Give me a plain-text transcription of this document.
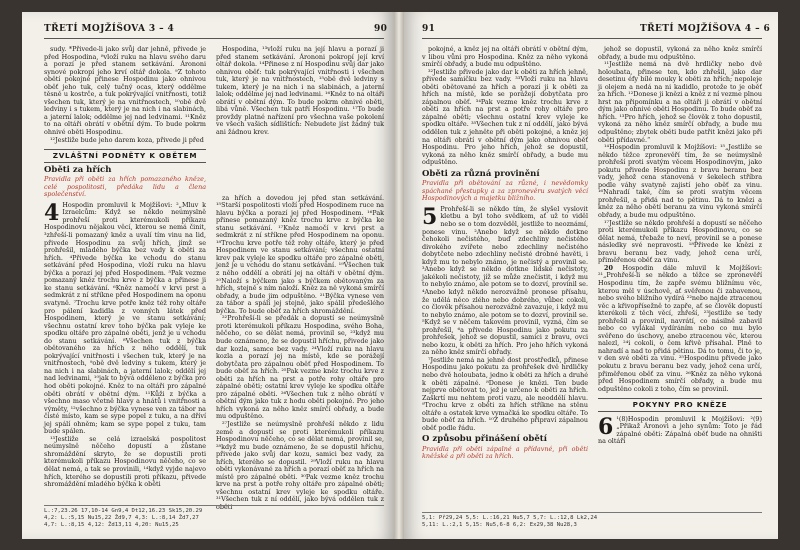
TŘETÍ MOJŽÍŠOVA 3 – 4	90

sudy. *Přivede-li jako svůj dar jehně, přivede je před Hospodina, ⁸vloží ruku na hlavu svého daru a porazí je před stanem setkávání. Árononi synové pokropí jeho krví oltář dokola. ⁹Z tohoto obětí pokojné přinese Hospodinu jako ohnivou oběť jeho tuk, celý tučný ocas, který oddělme těsně u kostrče, a tuk pokrývající vnitřnosti, totiž všechen tuk, který je na vnitřnostech, ¹⁰obě dvě ledviny i s tukem, který je na nich i na slabinách, a jaterní lalok; oddělme jej nad ledvinami. ¹¹Kněz to na oltáři obrátí v obětní dým. To bude pokrm ohnivé oběti Hospodinu.

¹²Jestliže bude jeho darem koza, přivede ji před

ZVLÁŠTNÍ PODNĚTY K OBĚTEM
Oběti za hřích
Pravidla při oběti za hřích pomazaného kněze, celé pospolitosti, předáka lidu a člena společenství.
4 Hospodin promluvil k Mojžíšovi: ²„Mluv k Izraelcům: Když se někdo neúmyslně prohřeší proti kterémukoli příkazu Hospodinovu nějakou věcí, kterou se nemá činit, ³zhřeší-li pomazaný kněz a uvalí tím vinu na lid, přivede Hospodinu za svůj hřích, jímž se prohřešil, mladého býčka bez vady k oběti za hřích. ⁴Přivede býčka ke vchodu do stanu setkávání před Hospodina, vloží ruku na hlavu býčka a porazí jej před Hospodinem. ⁵Pak vezme pomazaný kněz trochu krve z býčka a přinese ji ke stanu setkávání. ⁶Kněz namočí v krvi prst a sedmkrát z ní stříkne před Hospodinem na oponu svatyně. ⁷Trochu krve potře kněz též rohy oltáře pro pálení kadidla z vonných látek před Hospodinem, který je ve stanu setkávání; všechnu ostatní krev toho býčka pak vyleje ke spodku oltáře pro zápalné oběti, jenž je u vchodu do stanu setkávání. ⁸Všechen tuk z býčka obětovaného za hřích z něho oddělí, tuk pokrývající vnitřnosti i všechen tuk, který je na vnitřnostech, ⁹obě dvě ledviny s tukem, který je na nich i na slabinách, a jaterní lalok; oddělí jej nad ledvinami, ¹⁰jak to bývá odděleno z býčka pro hod oběti pokojné. Kněz to na oltáři pro zápalné oběti obrátí v obětní dým. ¹¹Kůži z býčka a všechno maso včetně hlavy a hnátů i vnitřnosti a výměty, ¹²všechno z býčka vynese ven za tábor na čisté místo, kam se sype popel z tuku, a na dříví jej spálí ohněm; kam se sype popel z tuku, tam bude spálen.

¹³Jestliže se celá izraelská pospolitost neúmyslně něčeho dopustí a zůstane shromáždění skryto, že se dopustili proti kterémukoli příkazu Hospodinovu něčeho, co se dělat nemá, a tak se provinili, ¹⁴když vyjde najevo hřích, kterého se dopustili proti příkazu, přivede shromáždění mladého býčka k oběti

Hospodina, ¹³vloží ruku na její hlavu a porazí ji před stanem setkávání. Árononi pokropí její krví oltář dokola. ¹⁴Přinese z ní Hospodinu svůj dar jako ohnivou oběť: tuk pokrývající vnitřnosti i všechen tuk, který je na vnitřnostech, ¹⁵obě dvě ledviny s tukem, který je na nich i na slabinách, a jaterní lalok; oddělme jej nad ledvinami. ¹⁶Kněz to na oltáři obrátí v obětní dým. To bude pokrm ohnivé oběti, libá vůně. Všechen tuk patří Hospodinu. ¹⁷To bude provždy platné nařízení pro všechna vaše pokolení ve všech vašich sídlištích: Nebudete jíst žádný tuk ani žádnou krev.

za hřích a dovedou jej před stan setkávání. ¹⁵Starší pospolitosti vloží před Hospodinem ruce na hlavu býčka a porazí jej před Hospodinem. ¹⁶Pak přinese pomazaný kněz trochu krve z býčka ke stanu setkávání. ¹⁷Kněz namočí v krvi prst a sedmkrát z ní stříkne před Hospodinem na oponu. ¹⁸Trochu krve potře též rohy oltáře, který je před Hospodinem ve stanu setkávání; všechnu ostatní krev pak vyleje ke spodku oltáře pro zápalné oběti, jenž je u vchodu do stanu setkávání. ¹⁹Všechen tuk z něho oddělí a obrátí jej na oltáři v obětní dým. ²⁰Naloží s býčkem jako s býčkem obětovaným za hřích, stejně s ním naloží. Kněz za ně vykoná smírčí obřady, a bude jim odpuštěno. ²¹Býčka vynese ven za tábor a spálí jej stejně, jako spálil předešlého býčka. To bude oběť za hřích shromáždění.

²²Prohřeší-li se předák a dopustí se neúmyslně proti kterémukoli příkazu Hospodina, svého Boha, něčeho, co se dělat nemá, provinil se, ²³když mu bude oznámeno, že se dopustil hříchu, přivede jako dar kozla, samce bez vady. ²⁴Vloží ruku na hlavu kozla a porazí jej na místě, kde se porážejí dobytčata pro zápalnou oběť před Hospodinem. To bude oběť za hřích. ²⁵Pak vezme kněz trochu krve z oběti za hřích na prst a potře rohy oltáře pro zápalné oběti; ostatní krev vyleje ke spodku oltáře pro zápalné oběti. ²⁶Všechen tuk z něho obrátí v obětní dým jako tuk z hodu oběti pokojné. Pro jeho hřích vykoná za něho kněz smírčí obřady, a bude mu odpuštěno.

²⁷Jestliže se neúmyslně prohřeší někdo z lidu země a dopustí se proti kterémukoli příkazu Hospodinovu něčeho, co se dělat nemá, provinil se, ²⁸když mu bude oznámeno, že se dopustil hříchu, přivede jako svůj dar kozu, samici bez vady, za hřích, kterého se dopustil. ²⁹Vloží ruku na hlavu oběti vykonávané za hřích a porazí oběť za hřích na místě pro zápalné oběti. ³⁰Pak vezme kněz trochu krve na prst a potře rohy oltáře pro zápalné oběti; všechnu ostatní krev vyleje ke spodku oltáře. ³¹Všechen tuk z ní oddělí, jako bývá oddělen tuk z oběti

L.:7,23.26 17,10-14 Gn9,4 Dt12,16.23 Sk15,20.29
4,2: L.:5,15 Nu15,22 Žd9,7 4,3: L.:8,14 Žd7,27
4,7: L.:8,15 4,12: Žd13,11 4,20: Nu15,25
91	TŘETÍ MOJŽÍŠOVA 4 – 6

pokojné, a kněz jej na oltáři obrátí v obětní dým, v libou vůni pro Hospodina. Kněz za něho vykoná smírčí obřady, a bude mu odpuštěno.

³²Jestliže přivede jako dar k oběti za hřích jehně, přivede samičku bez vady. ³³Vloží ruku na hlavu oběti obětované za hřích a porazí ji k oběti za hřích na místě, kde se porážejí dobytčata pro zápalnou oběť. ³⁴Pak vezme kněz trochu krve z oběti za hřích na prst a potře rohy oltáře pro zápalné oběti; všechnu ostatní krev vyleje ke spodku oltáře. ³⁵Všechen tuk z ní oddělí, jako bývá oddělen tuk z jehněte při oběti pokojné, a kněz jej na oltáři obrátí v obětní dým jako ohnivou oběť Hospodinu. Pro jeho hřích, jehož se dopustil, vykoná za něho kněz smírčí obřady, a bude mu odpuštěno.

Oběti za různá provinění
Pravidla při obětování za různé, i nevědomky spáchané přestupky a za zpronevěru svatých věcí Hospodinových a majetku bližního.
5 Prohřeší-li se někdo tím, že slyšel vyslovit kletbu a byl toho svědkem, ať už to viděl nebo se o tom dozvěděl, jestliže to neoznámí, ponese vinu. ²Anebo když se někdo dotkne čehokoli nečistého, buď zdechliny nečistého divokého zvířete nebo zdechliny nečistého dobytčete nebo zdechliny nečisté drobné havěti, i když mu to nebylo známo, je nečistý a provinil se. ³Anebo když se někdo dotkne lidské nečistoty, jakékoli nečistoty, jíž se může znečistit, i když mu to nebylo známo, ale potom se to dozví, provinil se. ⁴Anebo když někdo nerozvážně pronese přísahu, že udělá něco zlého nebo dobrého, vůbec cokoli, co člověk přísahou nerozvážně zavazuje, i když mu to nebylo známo, ale potom se to dozví, provinil se. ⁵Když se v něčem takovém provinil, vyzná, čím se prohřešil, ⁶a přivede Hospodinu jako pokutu za prohřešek, jehož se dopustil, samici z bravu, ovci nebo kozu, k oběti za hřích. Pro jeho hřích vykoná za něho kněz smírčí obřady.

⁷Jestliže nemá na jehně dost prostředků, přinese Hospodinu jako pokutu za prohřešek dvě hrdličky nebo dvě holoubata, jedno k oběti za hřích a druhé k oběti zápalné. ⁸Donese je knězi. Ten bude nejprve obětovat to, jež je určeno k oběti za hřích. Zaškrtí mu nehtem proti vazu, ale neoddělí hlavu. ⁹Trochu krve z oběti za hřích stříkne na stěnu oltáře a ostatek krve vymačká ke spodku oltáře. To bude oběť za hřích. ¹⁰Z druhého připraví zápalnou oběť podle řádu.

O způsobu přinášení obětí
Pravidla při oběti zápalné a přídavné, při oběti kněžské a při oběti za hřích.

jehož se dopustil, vykoná za něho kněz smírčí obřady, a bude mu odpuštěno.

¹¹Jestliže nemá na dvě hrdličky nebo dvě holoubata, přinese ten, kdo zhřešil, jako dar desetinu éfy bílé mouky k oběti za hřích; nepoleje ji olejem a nedá na ni kadidlo, protože to je oběť za hřích. ¹²Donese ji knězi a kněz z ní vezme plnou hrst na připomínku a na oltáři ji obrátí v obětní dým jako ohnivé oběti Hospodinu. To bude oběť za hřích. ¹³Pro hřích, jehož se člověk z toho dopustil, vykoná za něho kněz smírčí obřady, a bude mu odpuštěno; zbytek oběti bude patřit knězi jako při oběti přídavné.“

¹⁴Hospodin promluvil k Mojžíšovi: ¹⁵„Jestliže se někdo těžce zpronevěří tím, že se neúmyslně prohřeší proti svatým věcem Hospodinovým, jako pokutu přivede Hospodinu z bravu beranu bez vady, jehož cena stanovená v šekelech stříbra podle váhy svatyně zajistí jeho oběť za vinu. ¹⁶Nahradí také, čím se proti svatým věcem prohřešil, a přidá nad to pětinu. Dá to knězi a kněz za něho obětí beranu za vinu vykoná smírčí obřady, a bude mu odpuštěno.

¹⁷Jestliže se někdo prohřeší a dopustí se něčeho proti kterémukoli příkazu Hospodinovu, co se dělat nemá, třebaže to neví, provinil se a ponese následky své nepravosti. ¹⁸Přivede ke knězi z bravu beranu bez vady, jehož cena určí, přiměřenou oběť za vinu.

20 Hospodin dále mluvil k Mojžíšovi: ²¹„Prohřeší-li se někdo a těžce se zpronevěří Hospodinu tím, že zapře svému bližnímu věc, kterou měl v úschově, ať svěřenou či zabavenou, nebo svého bližního vydírá ²²nebo najde ztracenou věc a křivopřísežně to zapře, ať se člověk dopustí kterékoli z těch věcí, zhřeší, ²³jestliže se tedy prohřešil a provinil, navrátí, co násilně zabavil nebo co vylákal vydíráním nebo co mu bylo svěřeno do úschovy, anebo ztracenou věc, kterou nalezl, ²⁴i cokoli, o čem křivě přísahal. Plně to nahradí a nad to přidá pětinu. Dá to tomu, či to je, v den své oběti za vinu. ²⁵Hospodinu přivede jako pokutu z bravu beranu bez vady, jehož cena určí, přiměřenou oběť za vinu. ²⁶Kněz za něho vykoná před Hospodinem smírčí obřady, a bude mu odpuštěno cokoli z toho, čím se provinil.

POKYNY PRO KNĚZE
6 ¹(8)Hospodin promluvil k Mojžíšovi: ²(9)„Přikaž Áronovi a jeho synům: Toto je řád zápalné oběti: Zápalná oběť bude na ohništi na oltáři

5,1: Př29,24 5,5: L.:16,21 Nu5,7 5,7: L.:12,8 Lk2,24
5,11: L.:2,1 5,15: Nu5,6-8 6,2: Ex29,38 Nu28,3
